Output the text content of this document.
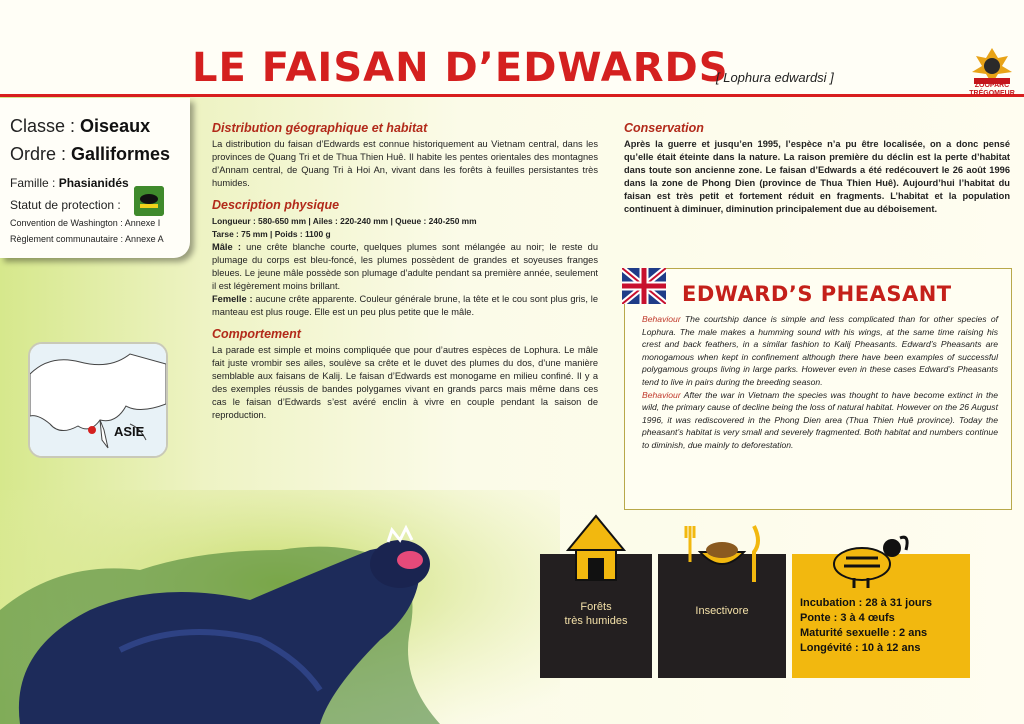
LE FAISAN D’EDWARDS
[ Lophura edwardsi ]
ZOOPARC
TRÉGOMEUR
Classe : Oiseaux
Ordre : Galliformes
Famille : Phasianidés
Statut de protection :
Convention de Washington : Annexe I
Règlement communautaire : Annexe A
ASIE
Distribution géographique et habitat

La distribution du faisan d’Edwards est connue historiquement au Vietnam central, dans les provinces de Quang Tri et de Thua Thien Huê. Il habite les pentes orientales des montagnes d’Annam central, de Quang Tri à Hoi An, vivant dans les forêts à feuilles persistantes très humides.

Description physique

Longueur : 580-650 mm | Ailes : 220-240 mm | Queue : 240-250 mm

Tarse : 75 mm | Poids : 1100 g

Mâle : une crête blanche courte, quelques plumes sont mélangée au noir; le reste du plumage du corps est bleu-foncé, les plumes possèdent de grandes et soyeuses franges bleues. Le jeune mâle possède son plumage d’adulte pendant sa première année, seulement il est légèrement moins brillant.

Femelle : aucune crête apparente. Couleur générale brune, la tête et le cou sont plus gris, le manteau est plus rouge. Elle est un peu plus petite que le mâle.

Comportement

La parade est simple et moins compliquée que pour d’autres espèces de Lophura. Le mâle fait juste vrombir ses ailes, soulève sa crête et le duvet des plumes du dos, d’une manière semblable aux faisans de Kalij. Le faisan d’Edwards est monogame en milieu confiné. Il y a des exemples réussis de bandes polygames vivant en grands parcs mais même dans ces cas le faisan d’Edwards s’est avéré enclin à vivre en couple pendant la saison de reproduction.

Conservation

Après la guerre et jusqu’en 1995, l’espèce n’a pu être localisée, on a donc pensé qu’elle était éteinte dans la nature. La raison première du déclin est la perte d’habitat dans toute son ancienne zone. Le faisan d’Edwards a été redécouvert le 26 août 1996 dans la zone de Phong Dien (province de Thua Thien Huê). Aujourd’hui l’habitat du faisan est très petit et fortement réduit en fragments. L’habitat et la population continuent à diminuer, diminution principalement due au déboisement.

EDWARD’S PHEASANT

Behaviour The courtship dance is simple and less complicated than for other species of Lophura. The male makes a humming sound with his wings, at the same time raising his crest and back feathers, in a similar fashion to Kalij Pheasants. Edward’s Pheasants are monogamous when kept in confinement although there have been examples of successful polygamous groups living in large parks. However even in these cases Edward’s Pheasants tend to live in pairs during the breeding season.

Behaviour After the war in Vietnam the species was thought to have become extinct in the wild, the primary cause of decline being the loss of natural habitat. However on the 26 August 1996, it was rediscovered in the Phong Dien area (Thua Thien Huê province). Today the pheasant’s habitat is very small and severely fragmented. Both habitat and numbers continue to diminish, due mainly to deforestation.

Forêts
très humides
Insectivore
Incubation : 28 à 31 jours
Ponte : 3 à 4 œufs
Maturité sexuelle : 2 ans
Longévité : 10 à 12 ans
